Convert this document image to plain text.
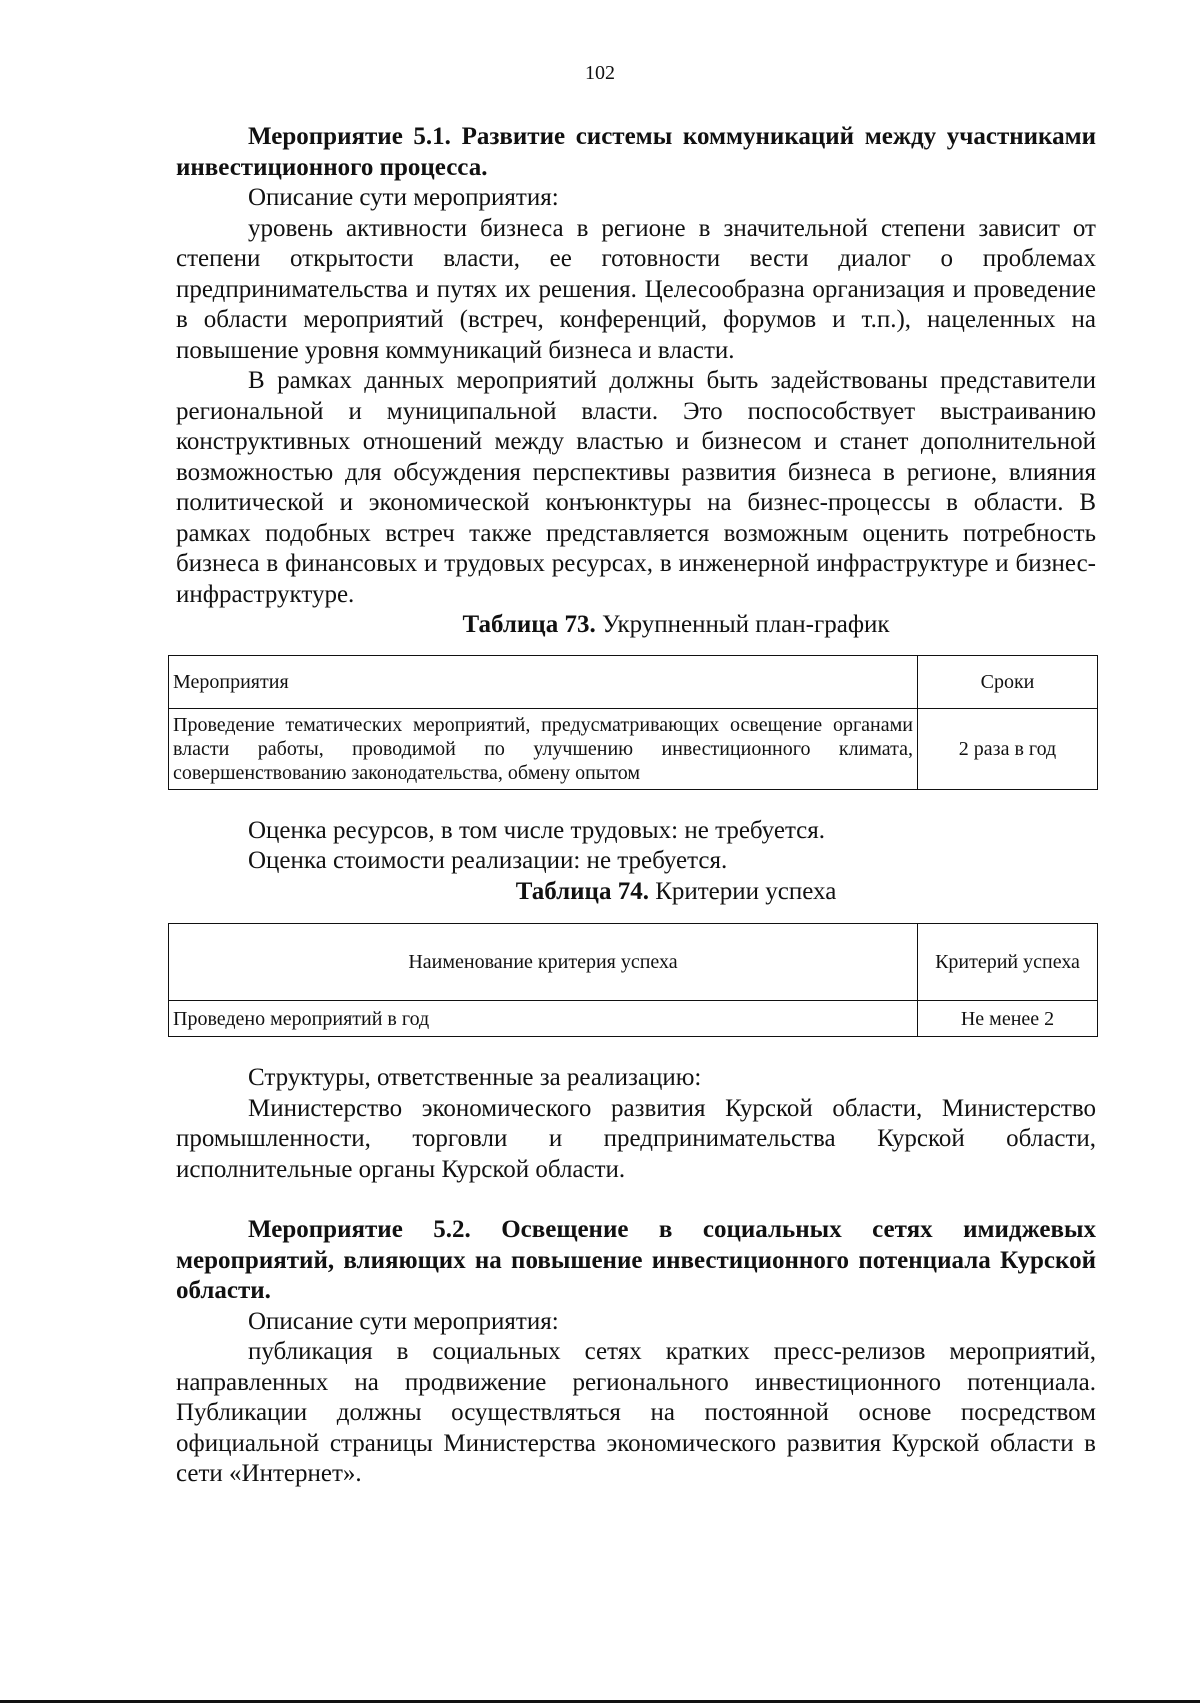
102

Мероприятие 5.1. Развитие системы коммуникаций между участниками инвестиционного процесса.

Описание сути мероприятия:

уровень активности бизнеса в регионе в значительной степени зависит от степени открытости власти, ее готовности вести диалог о проблемах предпринимательства и путях их решения. Целесообразна организация и проведение в области мероприятий (встреч, конференций, форумов и т.п.), нацеленных на повышение уровня коммуникаций бизнеса и власти.

В рамках данных мероприятий должны быть задействованы представители региональной и муниципальной власти. Это поспособствует выстраиванию конструктивных отношений между властью и бизнесом и станет дополнительной возможностью для обсуждения перспективы развития бизнеса в регионе, влияния политической и экономической конъюнктуры на бизнес-процессы в области. В рамках подобных встреч также представляется возможным оценить потребность бизнеса в финансовых и трудовых ресурсах, в инженерной инфраструктуре и бизнес-инфраструктуре.

Таблица 73. Укрупненный план-график

Мероприятия	Сроки
Проведение тематических мероприятий, предусматривающих освещение органами власти работы, проводимой по улучшению инвестиционного климата, совершенствованию законодательства, обмену опытом	2 раза в год

Оценка ресурсов, в том числе трудовых: не требуется.

Оценка стоимости реализации: не требуется.

Таблица 74. Критерии успеха

Наименование критерия успеха	Критерий успеха
Проведено мероприятий в год	Не менее 2

Структуры, ответственные за реализацию:

Министерство экономического развития Курской области, Министерство промышленности, торговли и предпринимательства Курской области, исполнительные органы Курской области.

Мероприятие 5.2. Освещение в социальных сетях имиджевых мероприятий, влияющих на повышение инвестиционного потенциала Курской области.

Описание сути мероприятия:

публикация в социальных сетях кратких пресс-релизов мероприятий, направленных на продвижение регионального инвестиционного потенциала. Публикации должны осуществляться на постоянной основе посредством официальной страницы Министерства экономического развития Курской области в сети «Интернет».
